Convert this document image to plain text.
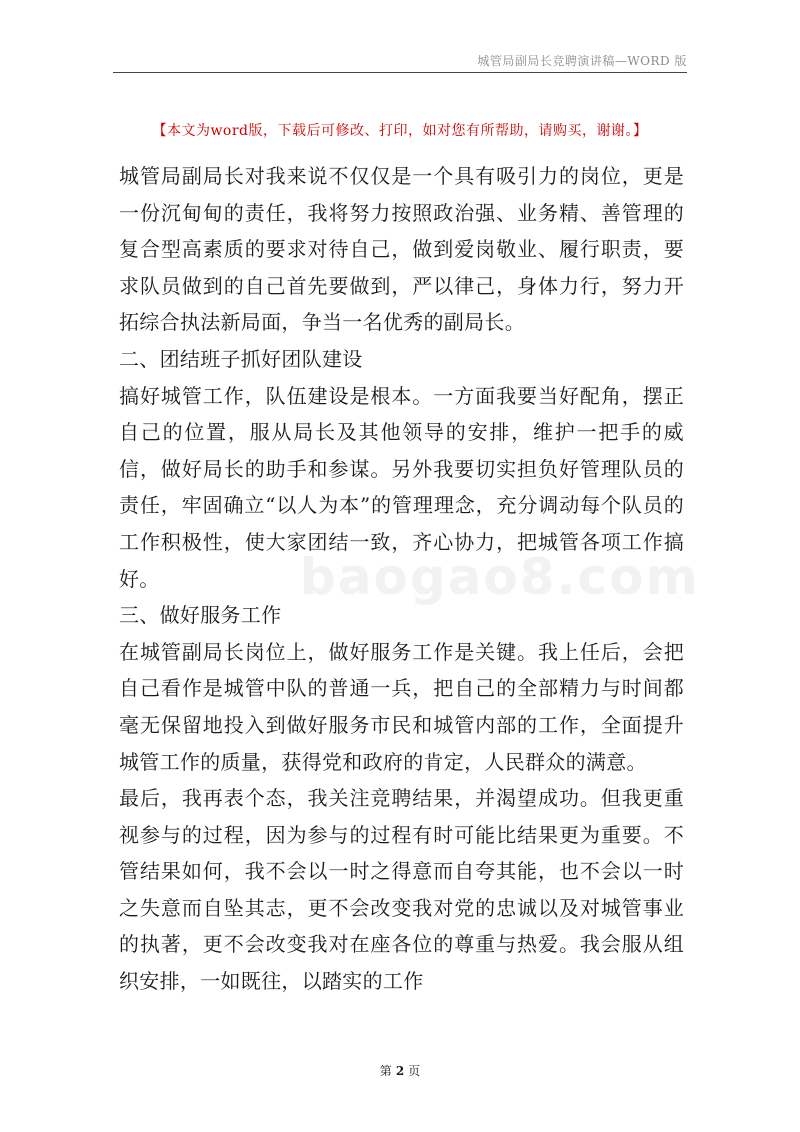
城管局副局长竞聘演讲稿—WORD 版
【本文为word版，下载后可修改、打印，如对您有所帮助，请购买，谢谢。】
baogao8.com

城管局副局长对我来说不仅仅是一个具有吸引力的岗位，更是一份沉甸甸的责任，我将努力按照政治强、业务精、善管理的复合型高素质的要求对待自己，做到爱岗敬业、履行职责，要求队员做到的自己首先要做到，严以律己，身体力行，努力开拓综合执法新局面，争当一名优秀的副局长。

二、团结班子抓好团队建设

搞好城管工作，队伍建设是根本。一方面我要当好配角，摆正自己的位置，服从局长及其他领导的安排，维护一把手的威信，做好局长的助手和参谋。另外我要切实担负好管理队员的责任，牢固确立“以人为本”的管理理念，充分调动每个队员的工作积极性，使大家团结一致，齐心协力，把城管各项工作搞好。

三、做好服务工作

在城管副局长岗位上，做好服务工作是关键。我上任后，会把自己看作是城管中队的普通一兵，把自己的全部精力与时间都毫无保留地投入到做好服务市民和城管内部的工作，全面提升城管工作的质量，获得党和政府的肯定，人民群众的满意。

最后，我再表个态，我关注竞聘结果，并渴望成功。但我更重视参与的过程，因为参与的过程有时可能比结果更为重要。不管结果如何，我不会以一时之得意而自夸其能，也不会以一时之失意而自坠其志，更不会改变我对党的忠诚以及对城管事业的执著，更不会改变我对在座各位的尊重与热爱。我会服从组织安排，一如既往，以踏实的工作

第 2 页
